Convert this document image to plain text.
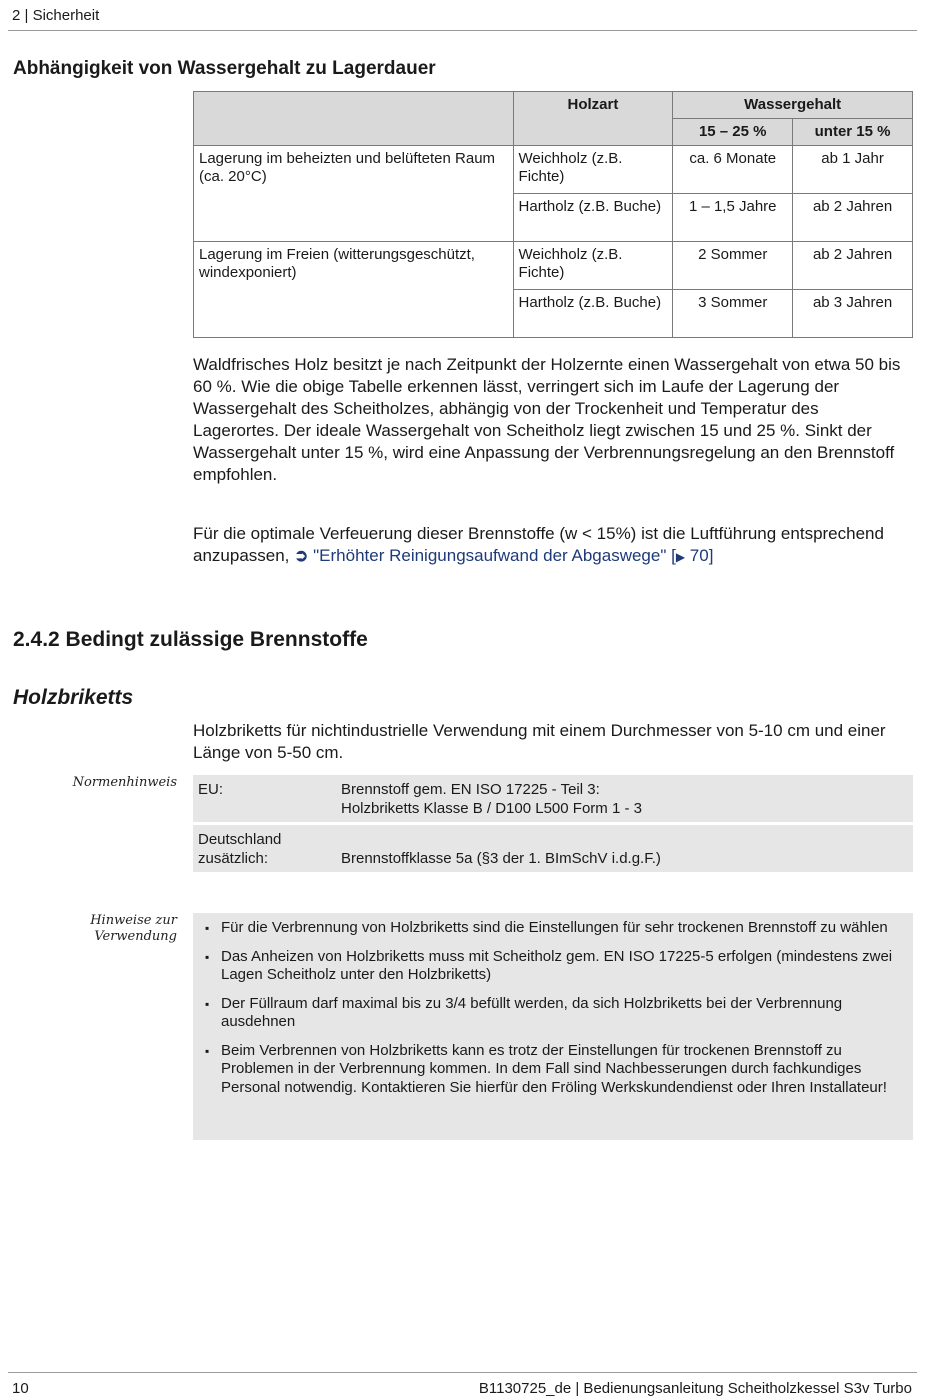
2 | Sicherheit
Abhängigkeit von Wassergehalt zu Lagerdauer
	Holzart	Wassergehalt	
		15 – 25 %	unter 15 %
Lagerung im beheizten und belüfteten Raum (ca. 20°C)	Weichholz (z.B. Fichte)	ca. 6 Monate	ab 1 Jahr
	Hartholz (z.B. Buche)	1 – 1,5 Jahre	ab 2 Jahren
Lagerung im Freien (witterungsgeschützt, windexponiert)	Weichholz (z.B. Fichte)	2 Sommer	ab 2 Jahren
	Hartholz (z.B. Buche)	3 Sommer	ab 3 Jahren
Waldfrisches Holz besitzt je nach Zeitpunkt der Holzernte einen Wassergehalt von etwa 50 bis 60 %. Wie die obige Tabelle erkennen lässt, verringert sich im Laufe der Lagerung der Wassergehalt des Scheitholzes, abhängig von der Trockenheit und Temperatur des Lagerortes. Der ideale Wassergehalt von Scheitholz liegt zwischen 15 und 25 %. Sinkt der Wassergehalt unter 15 %, wird eine Anpassung der Verbrennungsregelung an den Brennstoff empfohlen.
Für die optimale Verfeuerung dieser Brennstoffe (w < 15%) ist die Luftführung entsprechend anzupassen, ➲ "Erhöhter Reinigungsaufwand der Abgaswege" [▶ 70]
2.4.2 Bedingt zulässige Brennstoffe
Holzbriketts
Holzbriketts für nichtindustrielle Verwendung mit einem Durchmesser von 5-10 cm und einer Länge von 5-50 cm.
Normenhinweis EU:	Brennstoff gem. EN ISO 17225 - Teil 3:
Holzbriketts Klasse B / D100 L500 Form 1 - 3
Deutschland
zusätzlich:	Brennstoffklasse 5a (§3 der 1. BImSchV i.d.g.F.)
Hinweise zur
Verwendung
▪ Für die Verbrennung von Holzbriketts sind die Einstellungen für sehr trockenen Brennstoff zu wählen
▪ Das Anheizen von Holzbriketts muss mit Scheitholz gem. EN ISO 17225-5 erfolgen (mindestens zwei Lagen Scheitholz unter den Holzbriketts)
▪ Der Füllraum darf maximal bis zu 3/4 befüllt werden, da sich Holzbriketts bei der Verbrennung ausdehnen
▪ Beim Verbrennen von Holzbriketts kann es trotz der Einstellungen für trockenen Brennstoff zu Problemen in der Verbrennung kommen. In dem Fall sind Nachbesserungen durch fachkundiges Personal notwendig. Kontaktieren Sie hierfür den Fröling Werkskundendienst oder Ihren Installateur!
10	B1130725_de | Bedienungsanleitung Scheitholzkessel S3v Turbo
